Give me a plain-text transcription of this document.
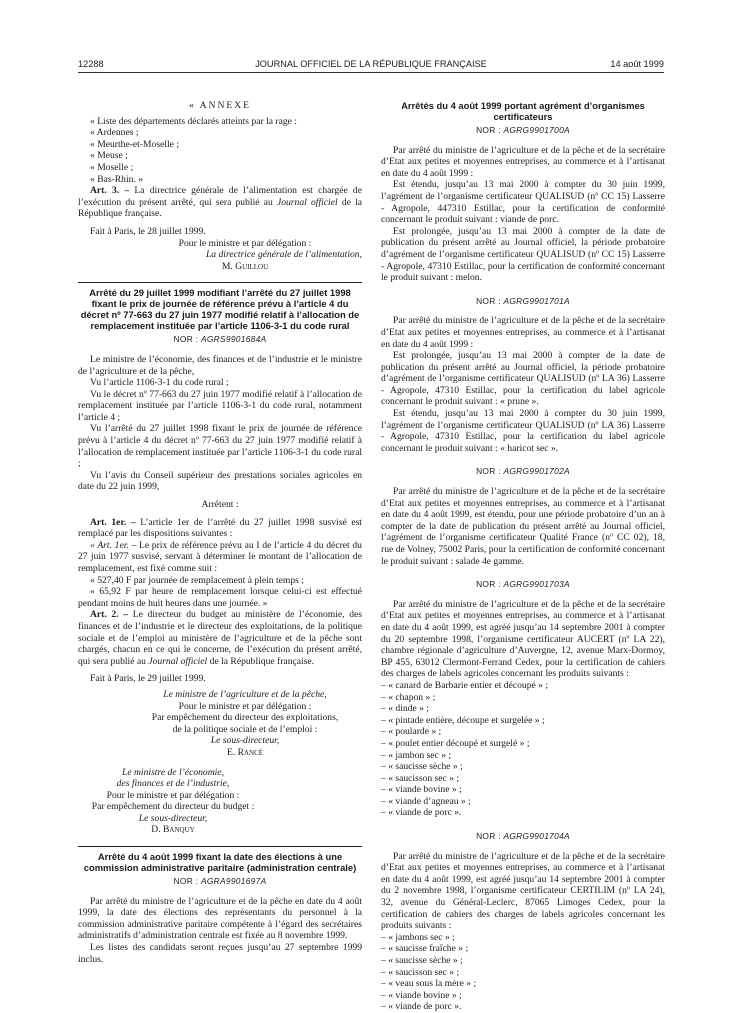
12288	JOURNAL OFFICIEL DE LA RÉPUBLIQUE FRANÇAISE	14 août 1999
« ANNEXE

« Liste des départements déclarés atteints par la rage :

« Ardennes ;

« Meurthe-et-Moselle ;

« Meuse ;

« Moselle ;

« Bas-Rhin. »

Art. 3. – La directrice générale de l’alimentation est chargée de l’exécution du présent arrêté, qui sera publié au Journal officiel de la République française.

Fait à Paris, le 28 juillet 1999.

Pour le ministre et par délégation :

La directrice générale de l’alimentation,

M. Guillou

Arrêté du 29 juillet 1999 modifiant l’arrêté du 27 juillet 1998 fixant le prix de journée de référence prévu à l’article 4 du décret nº 77-663 du 27 juin 1977 modifié relatif à l’allocation de remplacement instituée par l’article 1106-3-1 du code rural
NOR : AGRS9901684A

Le ministre de l’économie, des finances et de l’industrie et le ministre de l’agriculture et de la pêche,

Vu l’article 1106-3-1 du code rural ;

Vu le décret nº 77-663 du 27 juin 1977 modifié relatif à l’allocation de remplacement instituée par l’article 1106-3-1 du code rural, notamment l’article 4 ;

Vu l’arrêté du 27 juillet 1998 fixant le prix de journée de référence prévu à l’article 4 du décret nº 77-663 du 27 juin 1977 modifié relatif à l’allocation de remplacement instituée par l’article 1106-3-1 du code rural ;

Vu l’avis du Conseil supérieur des prestations sociales agricoles en date du 22 juin 1999,

Arrêtent :

Art. 1er. – L’article 1er de l’arrêté du 27 juillet 1998 susvisé est remplacé par les dispositions suivantes :

« Art. 1er. – Le prix de référence prévu au I de l’article 4 du décret du 27 juin 1977 susvisé, servant à déterminer le montant de l’allocation de remplacement, est fixé comme suit :

« 527,40 F par journée de remplacement à plein temps ;

« 65,92 F par heure de remplacement lorsque celui-ci est effectué pendant moins de huit heures dans une journée. »

Art. 2. – Le directeur du budget au ministère de l’économie, des finances et de l’industrie et le directeur des exploitations, de la politique sociale et de l’emploi au ministère de l’agriculture et de la pêche sont chargés, chacun en ce qui le concerne, de l’exécution du présent arrêté, qui sera publié au Journal officiel de la République française.

Fait à Paris, le 29 juillet 1999.

Le ministre de l’agriculture et de la pêche,

Pour le ministre et par délégation :

Par empêchement du directeur des exploitations,

de la politique sociale et de l’emploi :

Le sous-directeur,

E. Rancé

Le ministre de l’économie,

des finances et de l’industrie,

Pour le ministre et par délégation :

Par empêchement du directeur du budget :

Le sous-directeur,

D. Banquy

Arrêté du 4 août 1999 fixant la date des élections à une commission administrative paritaire (administration centrale)
NOR : AGRA9901697A

Par arrêté du ministre de l’agriculture et de la pêche en date du 4 août 1999, la date des élections des représentants du personnel à la commission administrative paritaire compétente à l’égard des secrétaires administratifs d’administration centrale est fixée au 8 novembre 1999.

Les listes des candidats seront reçues jusqu’au 27 septembre 1999 inclus.

Arrêtés du 4 août 1999 portant agrément d’organismes certificateurs
NOR : AGRG9901700A

Par arrêté du ministre de l’agriculture et de la pêche et de la secrétaire d’Etat aux petites et moyennes entreprises, au commerce et à l’artisanat en date du 4 août 1999 :

Est étendu, jusqu’au 13 mai 2000 à compter du 30 juin 1999, l’agrément de l’organisme certificateur QUALISUD (nº CC 15) Lasserre - Agropole, 447310 Estillac, pour la certification de conformité concernant le produit suivant : viande de porc.

Est prolongée, jusqu’au 13 mai 2000 à compter de la date de publication du présent arrêté au Journal officiel, la période probatoire d’agrément de l’organisme certificateur QUALISUD (nº CC 15) Lasserre - Agropole, 47310 Estillac, pour la certification de conformité concernant le produit suivant : melon.

NOR : AGRG9901701A

Par arrêté du ministre de l’agriculture et de la pêche et de la secrétaire d’Etat aux petites et moyennes entreprises, au commerce et à l’artisanat en date du 4 août 1999 :

Est prolongée, jusqu’au 13 mai 2000 à compter de la date de publication du présent arrêté au Journal officiel, la période probatoire d’agrément de l’organisme certificateur QUALISUD (nº LA 36) Lasserre - Agropole, 47310 Estillac, pour la certification du label agricole concernant le produit suivant : « prune ».

Est étendu, jusqu’au 13 mai 2000 à compter du 30 juin 1999, l’agrément de l’organisme certificateur QUALISUD (nº LA 36) Lasserre - Agropole, 47310 Estillac, pour la certification du label agricole concernant le produit suivant : « haricot sec ».

NOR : AGRG9901702A

Par arrêté du ministre de l’agriculture et de la pêche et de la secrétaire d’Etat aux petites et moyennes entreprises, au commerce et à l’artisanat en date du 4 août 1999, est étendu, pour une période probatoire d’un an à compter de la date de publication du présent arrêté au Journal officiel, l’agrément de l’organisme certificateur Qualité France (nº CC 02), 18, rue de Volney, 75002 Paris, pour la certification de conformité concernant le produit suivant : salade 4e gamme.

NOR : AGRG9901703A

Par arrêté du ministre de l’agriculture et de la pêche et de la secrétaire d’Etat aux petites et moyennes entreprises, au commerce et à l’artisanat en date du 4 août 1999, est agréé jusqu’au 14 septembre 2001 à compter du 20 septembre 1998, l’organisme certificateur AUCERT (nº LA 22), chambre régionale d’agriculture d’Auvergne, 12, avenue Marx-Dormoy, BP 455, 63012 Clermont-Ferrand Cedex, pour la certification de cahiers des charges de labels agricoles concernant les produits suivants :

– « canard de Barbarie entier et découpé » ;

– « chapon » ;

– « dinde » ;

– « pintade entière, découpe et surgelée » ;

– « poularde » ;

– « poulet entier découpé et surgelé » ;

– « jambon sec » ;

– « saucisse sèche » ;

– « saucisson sec » ;

– « viande bovine » ;

– « viande d’agneau » ;

– « viande de porc ».

NOR : AGRG9901704A

Par arrêté du ministre de l’agriculture et de la pêche et de la secrétaire d’Etat aux petites et moyennes entreprises, au commerce et à l’artisanat en date du 4 août 1999, est agréé jusqu’au 14 septembre 2001 à compter du 2 novembre 1998, l’organisme certificateur CERTILIM (nº LA 24), 32, avenue du Général-Leclerc, 87065 Limoges Cedex, pour la certification de cahiers des charges de labels agricoles concernant les produits suivants :

– « jambons sec » ;

– « saucisse fraîche » ;

– « saucisse sèche » ;

– « saucisson sec » ;

– « veau sous la mère » ;

– « viande bovine » ;

– « viande de porc ».
